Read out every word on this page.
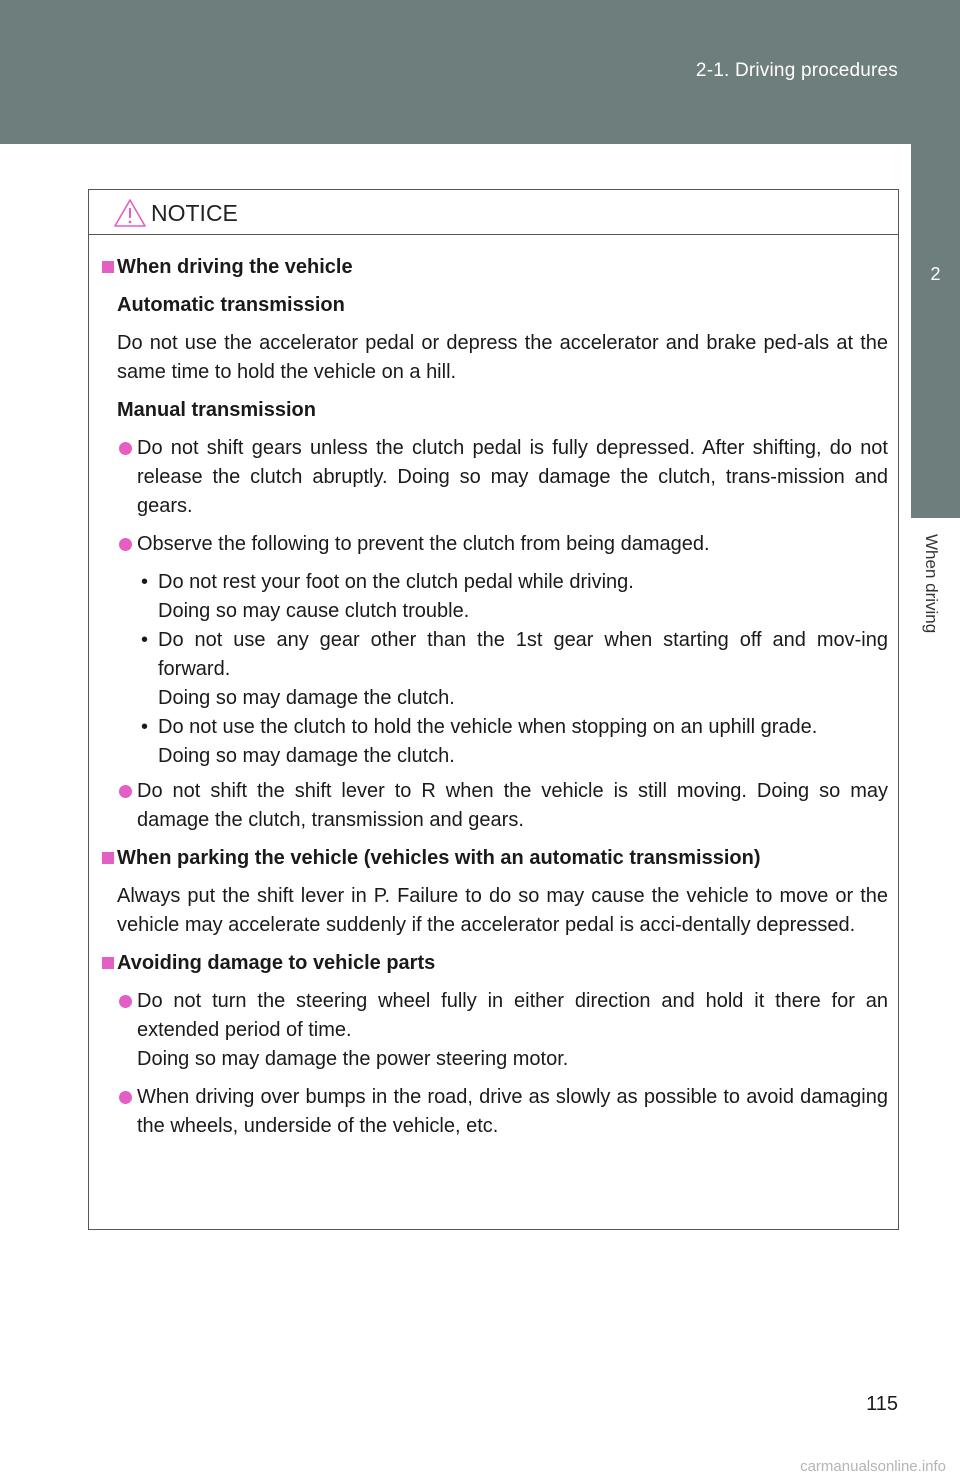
2-1. Driving procedures
2
When driving
NOTICE
When driving the vehicle
Automatic transmission
Do not use the accelerator pedal or depress the accelerator and brake ped-als at the same time to hold the vehicle on a hill.
Manual transmission
Do not shift gears unless the clutch pedal is fully depressed. After shifting, do not release the clutch abruptly. Doing so may damage the clutch, trans-mission and gears.
Observe the following to prevent the clutch from being damaged.
• Do not rest your foot on the clutch pedal while driving.
Doing so may cause clutch trouble.
• Do not use any gear other than the 1st gear when starting off and mov-ing forward.
Doing so may damage the clutch.
• Do not use the clutch to hold the vehicle when stopping on an uphill grade.
Doing so may damage the clutch.
Do not shift the shift lever to R when the vehicle is still moving. Doing so may damage the clutch, transmission and gears.
When parking the vehicle (vehicles with an automatic transmission)
Always put the shift lever in P. Failure to do so may cause the vehicle to move or the vehicle may accelerate suddenly if the accelerator pedal is acci-dentally depressed.
Avoiding damage to vehicle parts
Do not turn the steering wheel fully in either direction and hold it there for an extended period of time.
Doing so may damage the power steering motor.
When driving over bumps in the road, drive as slowly as possible to avoid damaging the wheels, underside of the vehicle, etc.
115
carmanualsonline.info
